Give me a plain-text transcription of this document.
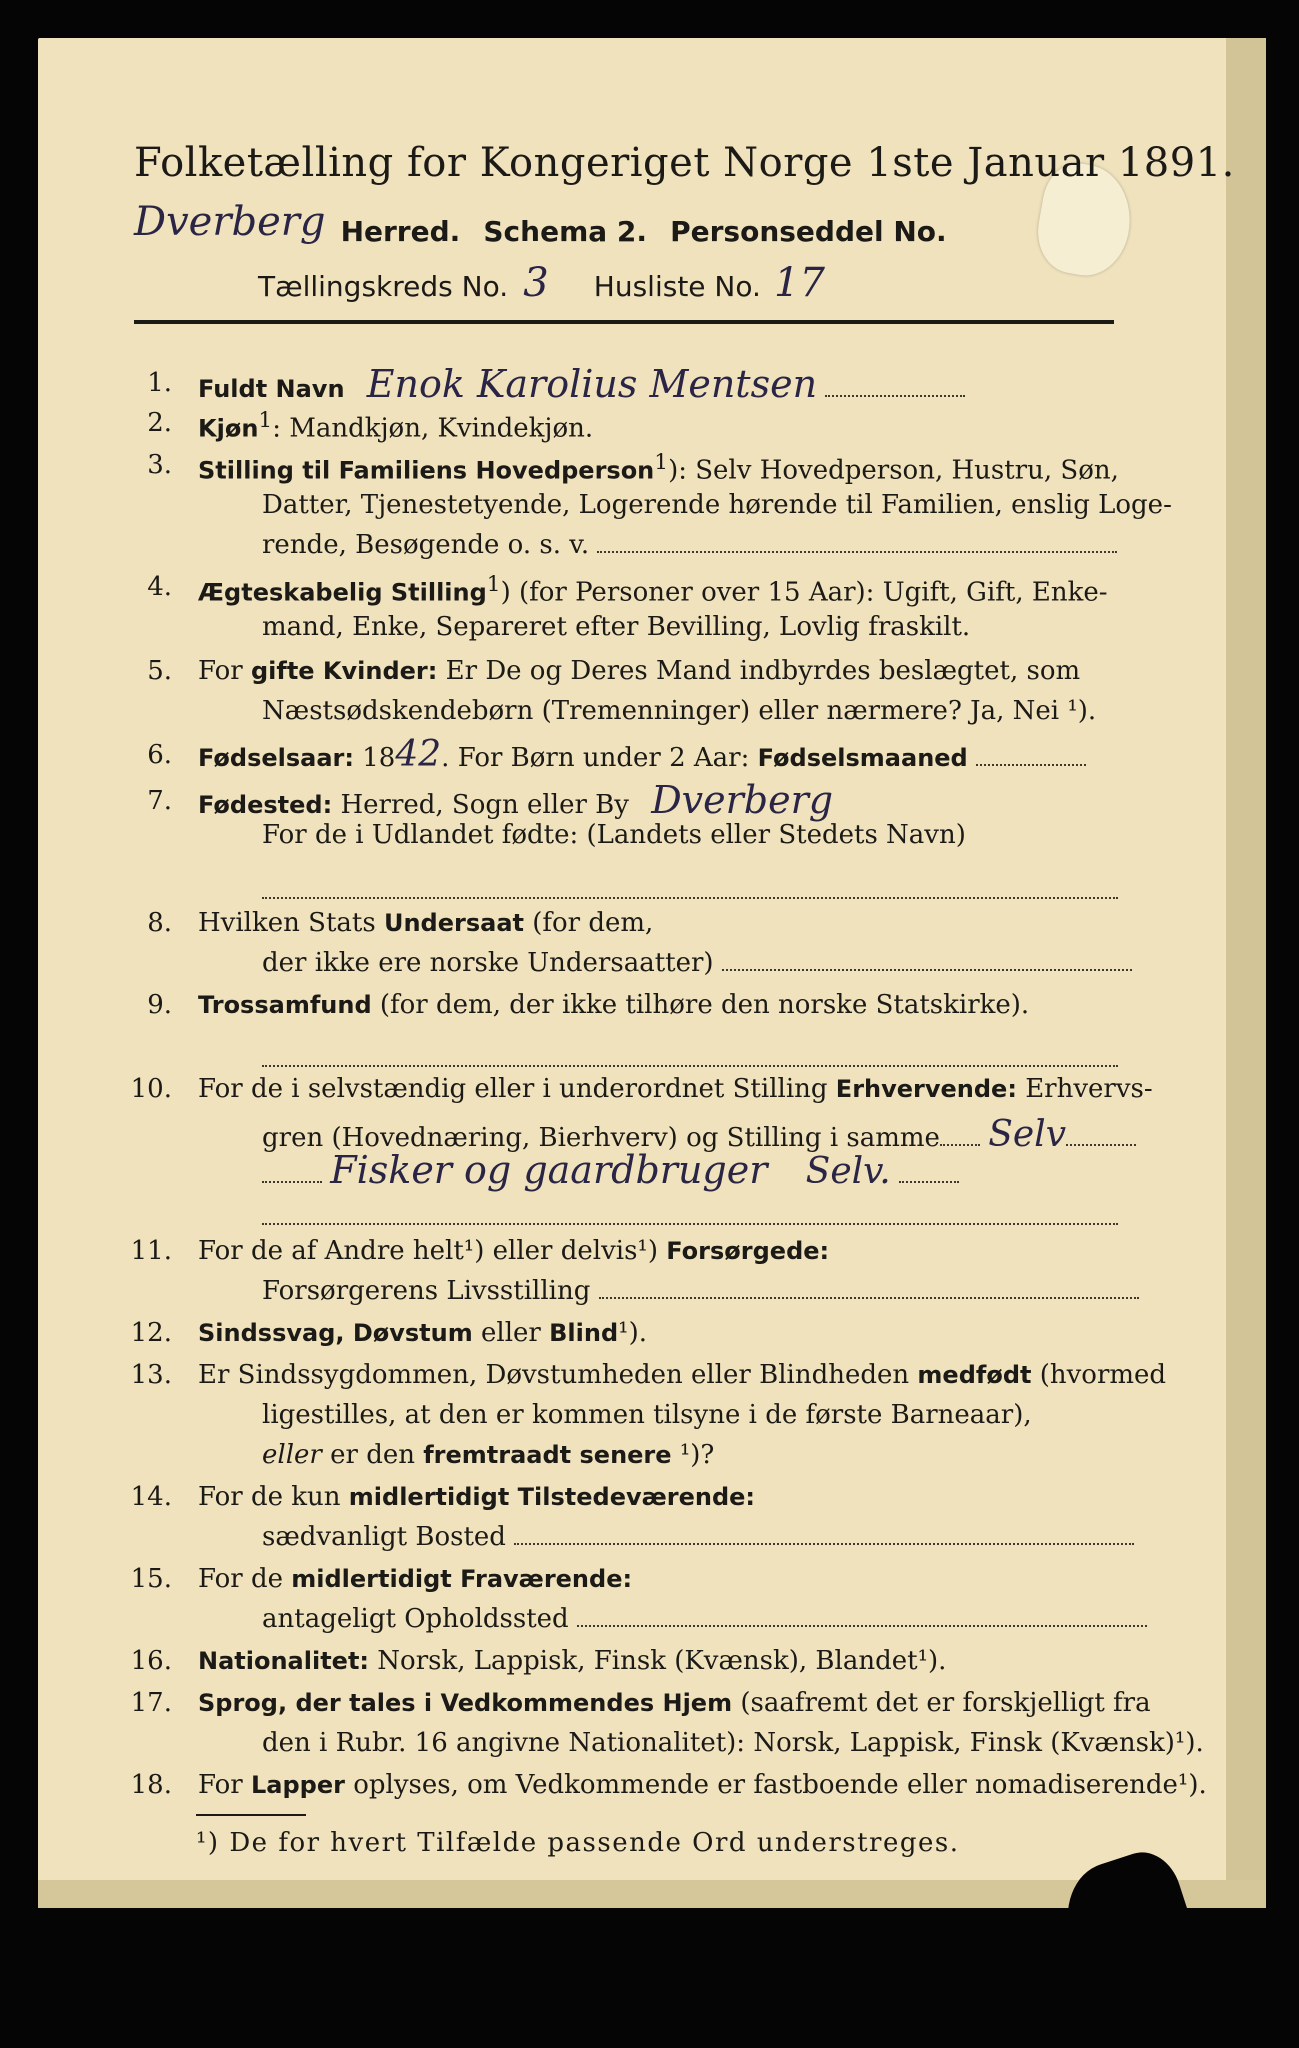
Folketælling for Kongeriget Norge 1ste Januar 1891.
Dverberg Herred. Schema 2. Personseddel No.
Tællingskreds No. 3 Husliste No. 17
1. Fuldt Navn Enok Karolius Mentsen
2. Kjøn$^1$: Mandkjøn, Kvindekjøn.
3. Stilling til Familiens Hovedperson$^1$): Selv Hovedperson, Hustru, Søn,
Datter, Tjenestetyende, Logerende hørende til Familien, enslig Loge-
rende, Besøgende o. s. v.
4. Ægteskabelig Stilling$^1$) (for Personer over 15 Aar): Ugift, Gift, Enke-
mand, Enke, Separeret efter Bevilling, Lovlig fraskilt.
5. For gifte Kvinder: Er De og Deres Mand indbyrdes beslægtet, som
Næstsødskendebørn (Tremenninger) eller nærmere? Ja, Nei ¹).
6. Fødselsaar: 1842. For Børn under 2 Aar: Fødselsmaaned
7. Fødested: Herred, Sogn eller By Dverberg
For de i Udlandet fødte: (Landets eller Stedets Navn)
8. Hvilken Stats Undersaat (for dem,
der ikke ere norske Undersaatter)
9. Trossamfund (for dem, der ikke tilhøre den norske Statskirke).
10. For de i selvstændig eller i underordnet Stilling Erhvervende: Erhvervs-
gren (Hovednæring, Bierhverv) og Stilling i samme Selv
Fisker og gaardbruger Selv.
11. For de af Andre helt¹) eller delvis¹) Forsørgede:
Forsørgerens Livsstilling
12. Sindssvag, Døvstum eller Blind¹).
13. Er Sindssygdommen, Døvstumheden eller Blindheden medfødt (hvormed
ligestilles, at den er kommen tilsyne i de første Barneaar),
eller er den fremtraadt senere ¹)?
14. For de kun midlertidigt Tilstedeværende:
sædvanligt Bosted
15. For de midlertidigt Fraværende:
antageligt Opholdssted
16. Nationalitet: Norsk, Lappisk, Finsk (Kvænsk), Blandet¹).
17. Sprog, der tales i Vedkommendes Hjem (saafremt det er forskjelligt fra
den i Rubr. 16 angivne Nationalitet): Norsk, Lappisk, Finsk (Kvænsk)¹).
18. For Lapper oplyses, om Vedkommende er fastboende eller nomadiserende¹).
¹) De for hvert Tilfælde passende Ord understreges.
